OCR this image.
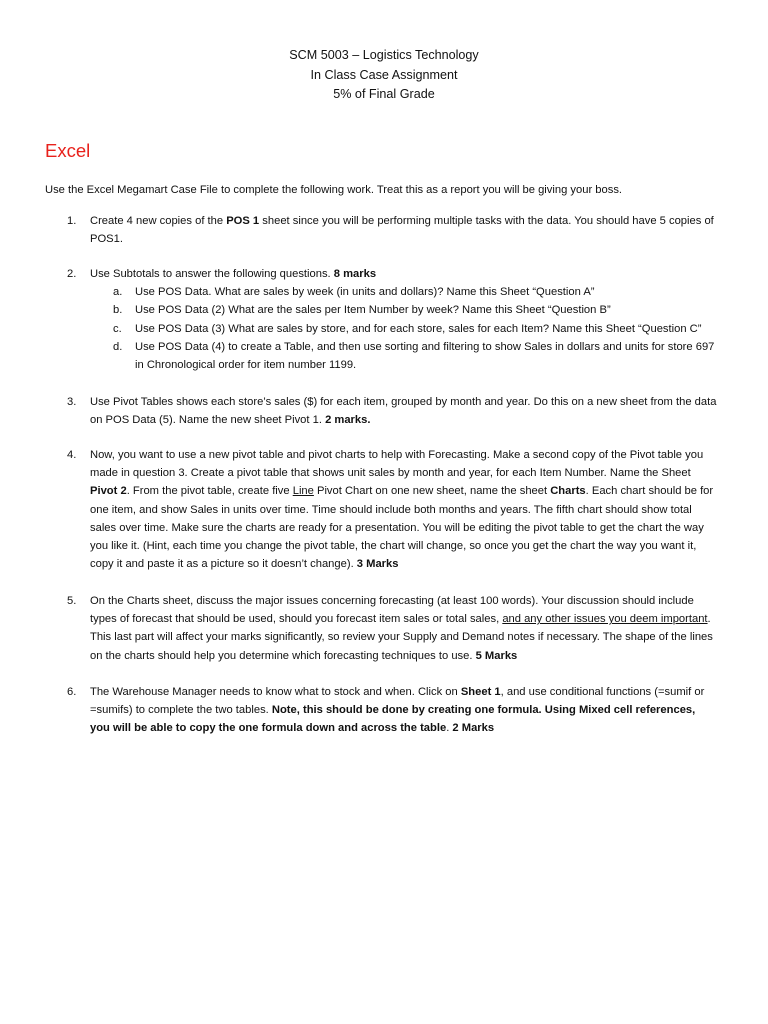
SCM 5003 – Logistics Technology
In Class Case Assignment
5% of Final Grade
Excel
Use the Excel Megamart Case File to complete the following work. Treat this as a report you will be giving your boss.
1. Create 4 new copies of the POS 1 sheet since you will be performing multiple tasks with the data. You should have 5 copies of POS1.
2. Use Subtotals to answer the following questions. 8 marks
a. Use POS Data. What are sales by week (in units and dollars)? Name this Sheet “Question A”
b. Use POS Data (2) What are the sales per Item Number by week? Name this Sheet “Question B”
c. Use POS Data (3) What are sales by store, and for each store, sales for each Item? Name this Sheet “Question C”
d. Use POS Data (4) to create a Table, and then use sorting and filtering to show Sales in dollars and units for store 697 in Chronological order for item number 1199.
3. Use Pivot Tables shows each store’s sales ($) for each item, grouped by month and year. Do this on a new sheet from the data on POS Data (5). Name the new sheet Pivot 1. 2 marks.
4. Now, you want to use a new pivot table and pivot charts to help with Forecasting. Make a second copy of the Pivot table you made in question 3. Create a pivot table that shows unit sales by month and year, for each Item Number. Name the Sheet Pivot 2. From the pivot table, create five Line Pivot Chart on one new sheet, name the sheet Charts. Each chart should be for one item, and show Sales in units over time. Time should include both months and years. The fifth chart should show total sales over time. Make sure the charts are ready for a presentation. You will be editing the pivot table to get the chart the way you like it. (Hint, each time you change the pivot table, the chart will change, so once you get the chart the way you want it, copy it and paste it as a picture so it doesn’t change). 3 Marks
5. On the Charts sheet, discuss the major issues concerning forecasting (at least 100 words). Your discussion should include types of forecast that should be used, should you forecast item sales or total sales, and any other issues you deem important. This last part will affect your marks significantly, so review your Supply and Demand notes if necessary. The shape of the lines on the charts should help you determine which forecasting techniques to use. 5 Marks
6. The Warehouse Manager needs to know what to stock and when. Click on Sheet 1, and use conditional functions (=sumif or =sumifs) to complete the two tables. Note, this should be done by creating one formula. Using Mixed cell references, you will be able to copy the one formula down and across the table. 2 Marks
